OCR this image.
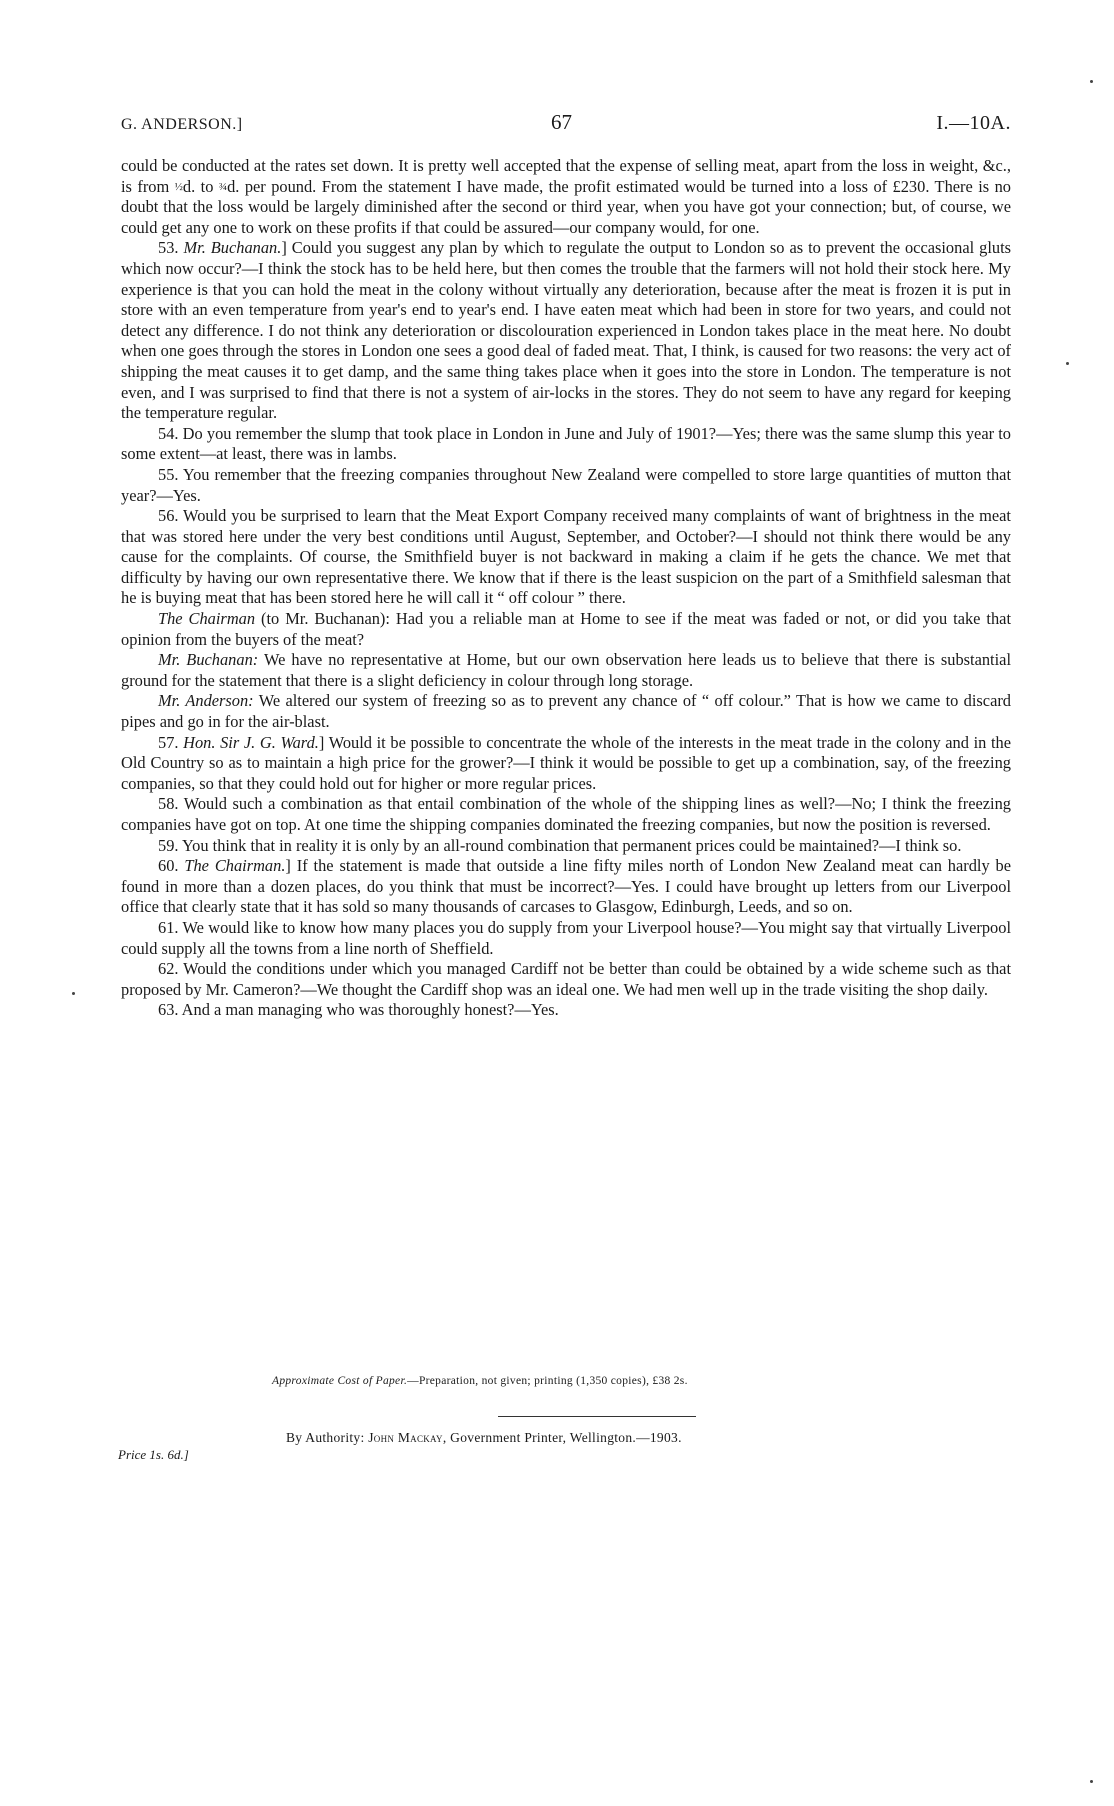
G. ANDERSON.]	67	I.—10A.

could be conducted at the rates set down. It is pretty well accepted that the expense of selling meat, apart from the loss in weight, &c., is from ½d. to ¾d. per pound. From the statement I have made, the profit estimated would be turned into a loss of £230. There is no doubt that the loss would be largely diminished after the second or third year, when you have got your connection; but, of course, we could get any one to work on these profits if that could be assured—our company would, for one.

53. Mr. Buchanan.] Could you suggest any plan by which to regulate the output to London so as to prevent the occasional gluts which now occur?—I think the stock has to be held here, but then comes the trouble that the farmers will not hold their stock here. My experience is that you can hold the meat in the colony without virtually any deterioration, because after the meat is frozen it is put in store with an even temperature from year's end to year's end. I have eaten meat which had been in store for two years, and could not detect any difference. I do not think any deterioration or discolouration experienced in London takes place in the meat here. No doubt when one goes through the stores in London one sees a good deal of faded meat. That, I think, is caused for two reasons: the very act of shipping the meat causes it to get damp, and the same thing takes place when it goes into the store in London. The temperature is not even, and I was surprised to find that there is not a system of air-locks in the stores. They do not seem to have any regard for keeping the temperature regular.

54. Do you remember the slump that took place in London in June and July of 1901?—Yes; there was the same slump this year to some extent—at least, there was in lambs.

55. You remember that the freezing companies throughout New Zealand were compelled to store large quantities of mutton that year?—Yes.

56. Would you be surprised to learn that the Meat Export Company received many complaints of want of brightness in the meat that was stored here under the very best conditions until August, September, and October?—I should not think there would be any cause for the complaints. Of course, the Smithfield buyer is not backward in making a claim if he gets the chance. We met that difficulty by having our own representative there. We know that if there is the least suspicion on the part of a Smithfield salesman that he is buying meat that has been stored here he will call it “ off colour ” there.

The Chairman (to Mr. Buchanan): Had you a reliable man at Home to see if the meat was faded or not, or did you take that opinion from the buyers of the meat?

Mr. Buchanan: We have no representative at Home, but our own observation here leads us to believe that there is substantial ground for the statement that there is a slight deficiency in colour through long storage.

Mr. Anderson: We altered our system of freezing so as to prevent any chance of “ off colour.” That is how we came to discard pipes and go in for the air-blast.

57. Hon. Sir J. G. Ward.] Would it be possible to concentrate the whole of the interests in the meat trade in the colony and in the Old Country so as to maintain a high price for the grower?—I think it would be possible to get up a combination, say, of the freezing companies, so that they could hold out for higher or more regular prices.

58. Would such a combination as that entail combination of the whole of the shipping lines as well?—No; I think the freezing companies have got on top. At one time the shipping companies dominated the freezing companies, but now the position is reversed.

59. You think that in reality it is only by an all-round combination that permanent prices could be maintained?—I think so.

60. The Chairman.] If the statement is made that outside a line fifty miles north of London New Zealand meat can hardly be found in more than a dozen places, do you think that must be incorrect?—Yes. I could have brought up letters from our Liverpool office that clearly state that it has sold so many thousands of carcases to Glasgow, Edinburgh, Leeds, and so on.

61. We would like to know how many places you do supply from your Liverpool house?—You might say that virtually Liverpool could supply all the towns from a line north of Sheffield.

62. Would the conditions under which you managed Cardiff not be better than could be obtained by a wide scheme such as that proposed by Mr. Cameron?—We thought the Cardiff shop was an ideal one. We had men well up in the trade visiting the shop daily.

63. And a man managing who was thoroughly honest?—Yes.

Approximate Cost of Paper.—Preparation, not given; printing (1,350 copies), £38 2s.
Price 1s. 6d.]
By Authority: John Mackay, Government Printer, Wellington.—1903.
